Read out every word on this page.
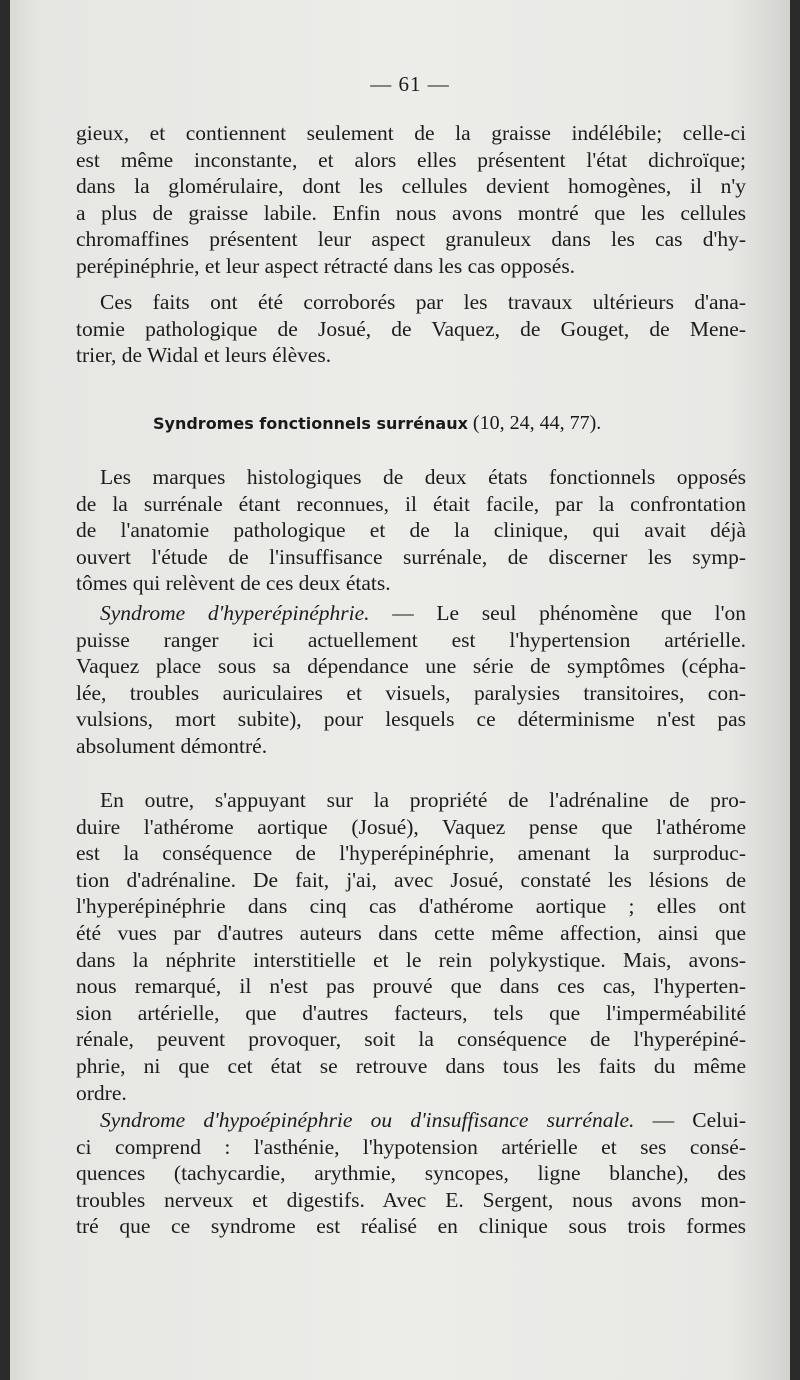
— 61 —
gieux, et contiennent seulement de la graisse indélébile; celle-ci
est même inconstante, et alors elles présentent l'état dichroïque;
dans la glomérulaire, dont les cellules devient homogènes, il n'y
a plus de graisse labile. Enfin nous avons montré que les cellules
chromaffines présentent leur aspect granuleux dans les cas d'hy-
perépinéphrie, et leur aspect rétracté dans les cas opposés.
Ces faits ont été corroborés par les travaux ultérieurs d'ana-
tomie pathologique de Josué, de Vaquez, de Gouget, de Mene-
trier, de Widal et leurs élèves.
Syndromes fonctionnels surrénaux (10, 24, 44, 77).
Les marques histologiques de deux états fonctionnels opposés
de la surrénale étant reconnues, il était facile, par la confrontation
de l'anatomie pathologique et de la clinique, qui avait déjà
ouvert l'étude de l'insuffisance surrénale, de discerner les symp-
tômes qui relèvent de ces deux états.
Syndrome d'hyperépinéphrie. — Le seul phénomène que l'on
puisse ranger ici actuellement est l'hypertension artérielle.
Vaquez place sous sa dépendance une série de symptômes (cépha-
lée, troubles auriculaires et visuels, paralysies transitoires, con-
vulsions, mort subite), pour lesquels ce déterminisme n'est pas
absolument démontré.
En outre, s'appuyant sur la propriété de l'adrénaline de pro-
duire l'athérome aortique (Josué), Vaquez pense que l'athérome
est la conséquence de l'hyperépinéphrie, amenant la surproduc-
tion d'adrénaline. De fait, j'ai, avec Josué, constaté les lésions de
l'hyperépinéphrie dans cinq cas d'athérome aortique ; elles ont
été vues par d'autres auteurs dans cette même affection, ainsi que
dans la néphrite interstitielle et le rein polykystique. Mais, avons-
nous remarqué, il n'est pas prouvé que dans ces cas, l'hyperten-
sion artérielle, que d'autres facteurs, tels que l'imperméabilité
rénale, peuvent provoquer, soit la conséquence de l'hyperépiné-
phrie, ni que cet état se retrouve dans tous les faits du même
ordre.
Syndrome d'hypoépinéphrie ou d'insuffisance surrénale. — Celui-
ci comprend : l'asthénie, l'hypotension artérielle et ses consé-
quences (tachycardie, arythmie, syncopes, ligne blanche), des
troubles nerveux et digestifs. Avec E. Sergent, nous avons mon-
tré que ce syndrome est réalisé en clinique sous trois formes
